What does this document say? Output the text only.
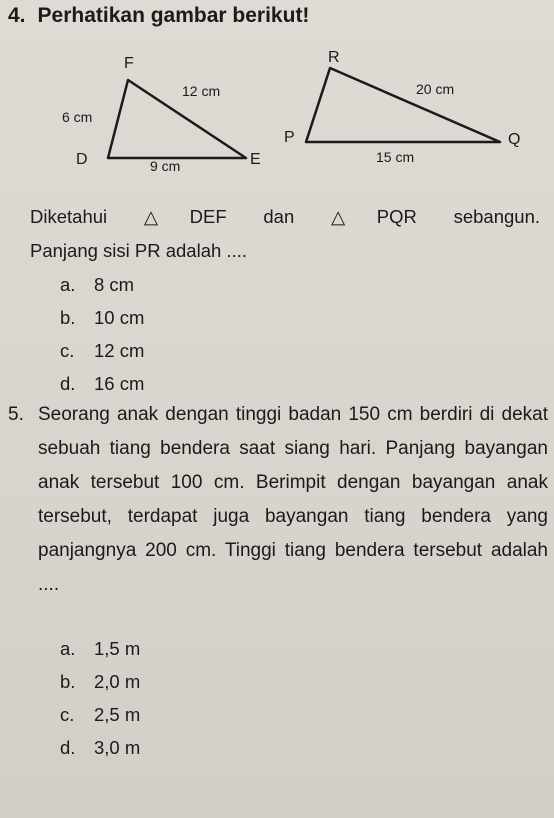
4. Perhatikan gambar berikut!
F
D	E
6 cm
12 cm
9 cm
R
P	Q
20 cm
15 cm
Diketahui △DEF dan △PQR sebangun.
Panjang sisi PR adalah ....
a. 8 cm
b. 10 cm
c. 12 cm
d. 16 cm
5. Seorang anak dengan tinggi badan 150 cm berdiri di dekat sebuah tiang bendera saat siang hari. Panjang bayangan anak tersebut 100 cm. Berimpit dengan bayangan anak tersebut, terdapat juga bayangan tiang bendera yang panjangnya 200 cm. Tinggi tiang bendera tersebut adalah ....
a. 1,5 m
b. 2,0 m
c. 2,5 m
d. 3,0 m
